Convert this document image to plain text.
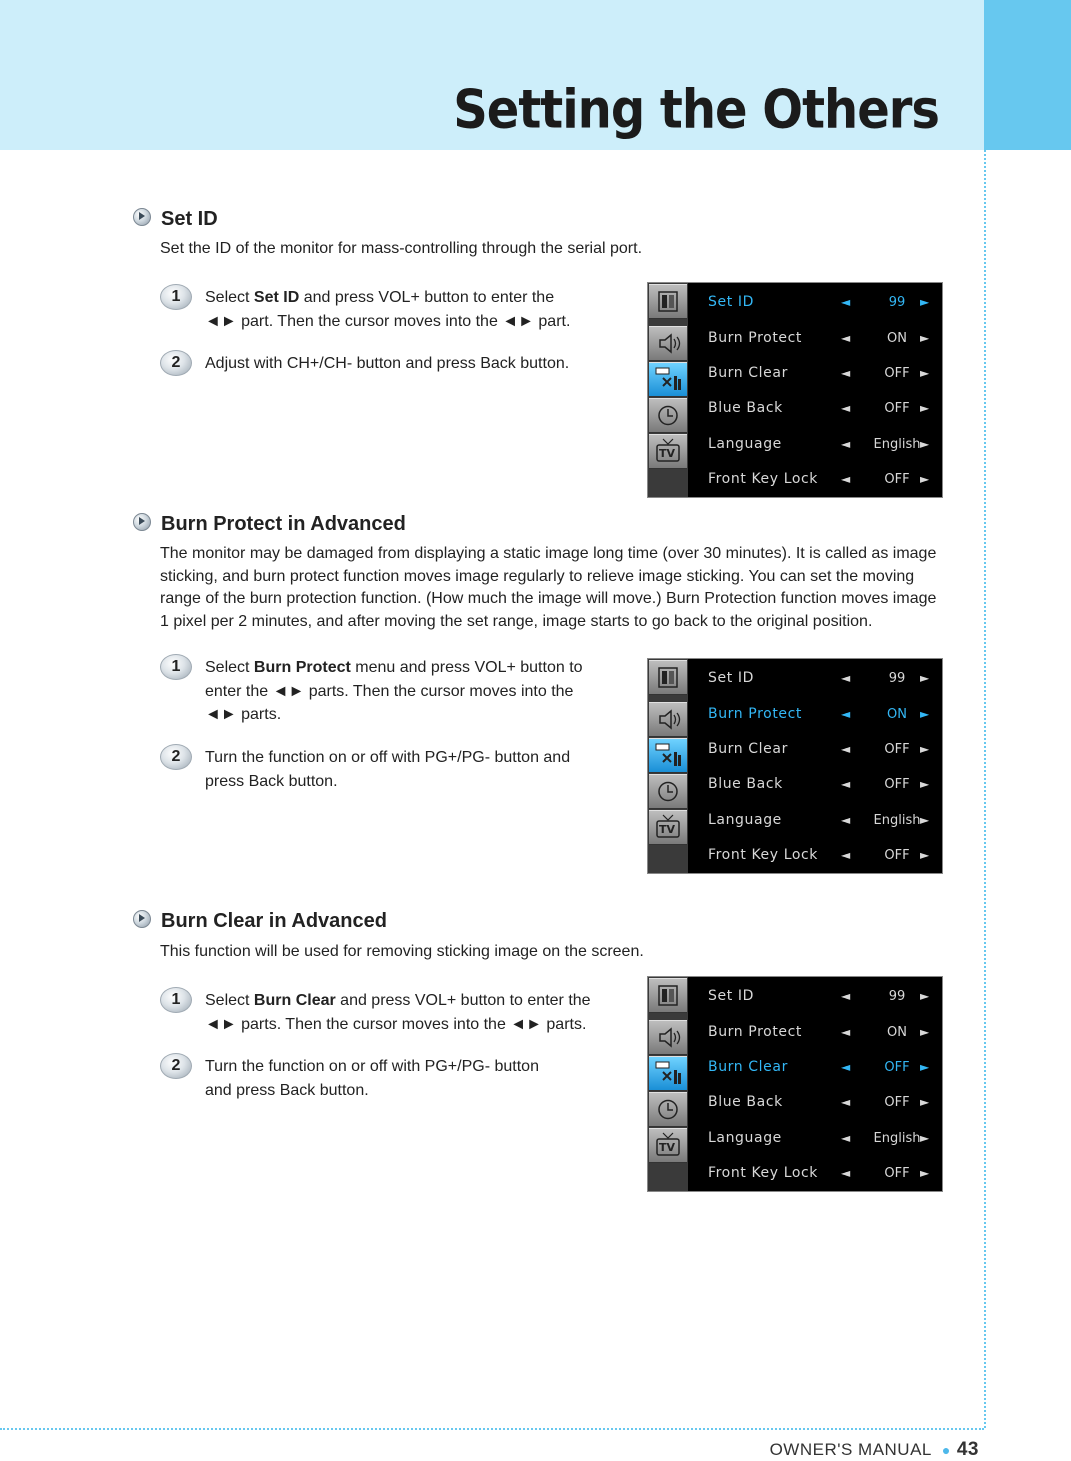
Setting the Others
OWNER'S MANUAL ● 43
Set ID
Set the ID of the monitor for mass-controlling through the serial port.
1	Select Set ID and press VOL+ button to enter the
◄► part. Then the cursor moves into the ◄► part.
2	Adjust with CH+/CH- button and press Back button.
TV
Set ID	◄	99	►
Burn Protect	◄	ON	►
Burn Clear	◄	OFF ►
Blue Back	◄	OFF ►
Language	◄	English ►
Front Key Lock ◄	OFF ►
Burn Protect in Advanced
The monitor may be damaged from displaying a static image long time (over 30 minutes). It is called as image sticking, and burn protect function moves image regularly to relieve image sticking. You can set the moving range of the burn protection function. (How much the image will move.) Burn Protection function moves image 1 pixel per 2 minutes, and after moving the set range, image starts to go back to the original position.
1	Select Burn Protect menu and press VOL+ button to
enter the ◄► parts. Then the cursor moves into the
◄► parts.
2	Turn the function on or off with PG+/PG- button and
press Back button.
TV
Set ID	◄	99	►
Burn Protect	◄	ON	►
Burn Clear	◄	OFF ►
Blue Back	◄	OFF ►
Language	◄	English ►
Front Key Lock ◄	OFF ►
Burn Clear in Advanced
This function will be used for removing sticking image on the screen.
1	Select Burn Clear and press VOL+ button to enter the
◄► parts. Then the cursor moves into the ◄► parts.
2	Turn the function on or off with PG+/PG- button
and press Back button.
TV
Set ID	◄	99	►
Burn Protect	◄	ON	►
Burn Clear	◄	OFF ►
Blue Back	◄	OFF ►
Language	◄	English ►
Front Key Lock ◄	OFF ►
